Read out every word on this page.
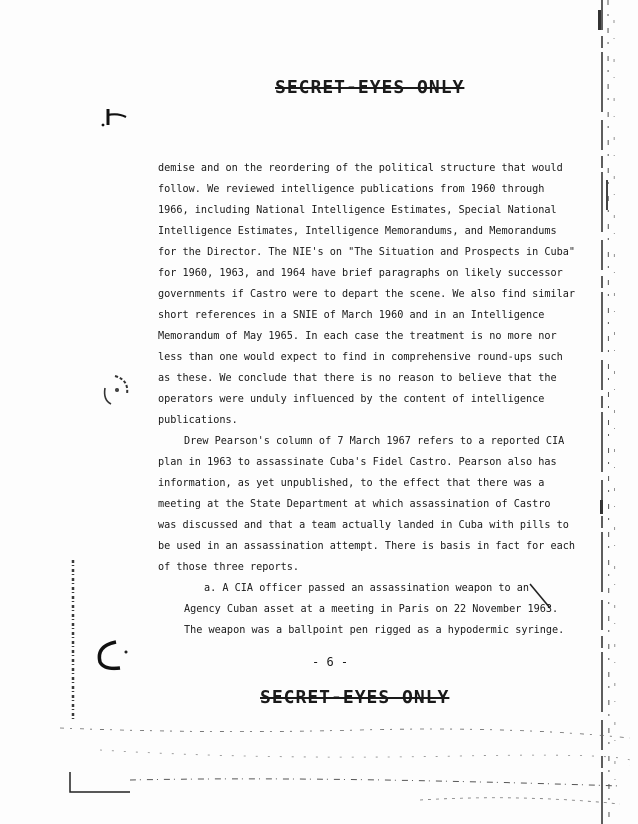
SECRET-EYES ONLY
demise and on the reordering of the political structure that would
follow. We reviewed intelligence publications from 1960 through
1966, including National Intelligence Estimates, Special National
Intelligence Estimates, Intelligence Memorandums, and Memorandums
for the Director. The NIE's on "The Situation and Prospects in Cuba"
for 1960, 1963, and 1964 have brief paragraphs on likely successor
governments if Castro were to depart the scene. We also find similar
short references in a SNIE of March 1960 and in an Intelligence
Memorandum of May 1965. In each case the treatment is no more nor
less than one would expect to find in comprehensive round-ups such
as these. We conclude that there is no reason to believe that the
operators were unduly influenced by the content of intelligence
publications.
Drew Pearson's column of 7 March 1967 refers to a reported CIA
plan in 1963 to assassinate Cuba's Fidel Castro. Pearson also has
information, as yet unpublished, to the effect that there was a
meeting at the State Department at which assassination of Castro
was discussed and that a team actually landed in Cuba with pills to
be used in an assassination attempt. There is basis in fact for each
of those three reports.
a. A CIA officer passed an assassination weapon to an
Agency Cuban asset at a meeting in Paris on 22 November 1963.
The weapon was a ballpoint pen rigged as a hypodermic syringe.
- 6 -
SECRET-EYES ONLY
